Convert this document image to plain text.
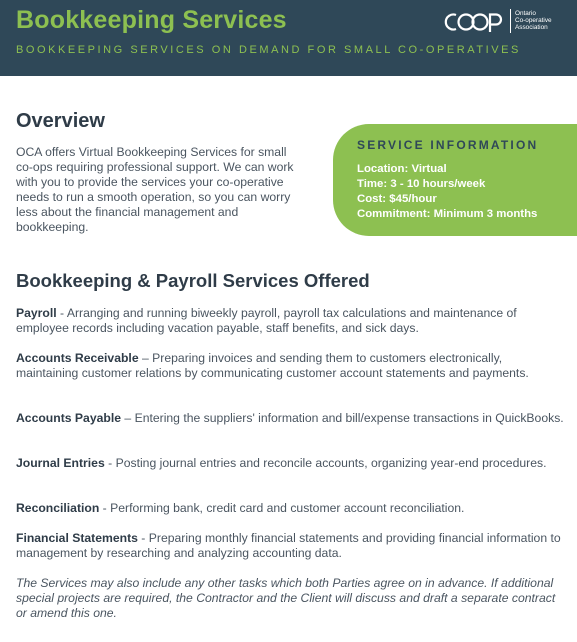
Bookkeeping Services
BOOKKEEPING SERVICES ON DEMAND FOR SMALL CO-OPERATIVES
Ontario
Co-operative
Association
Overview

OCA offers Virtual Bookkeeping Services for small co-ops requiring professional support. We can work with you to provide the services your co-operative needs to run a smooth operation, so you can worry less about the financial management and bookkeeping.

SERVICE INFORMATION
Location: Virtual
Time: 3 - 10 hours/week
Cost: $45/hour
Commitment: Minimum 3 months
Bookkeeping & Payroll Services Offered

Payroll - Arranging and running biweekly payroll, payroll tax calculations and maintenance of employee records including vacation payable, staff benefits, and sick days.

Accounts Receivable – Preparing invoices and sending them to customers electronically, maintaining customer relations by communicating customer account statements and payments.

Accounts Payable – Entering the suppliers' information and bill/expense transactions in QuickBooks.

Journal Entries - Posting journal entries and reconcile accounts, organizing year-end procedures.

Reconciliation - Performing bank, credit card and customer account reconciliation.

Financial Statements - Preparing monthly financial statements and providing financial information to management by researching and analyzing accounting data.

The Services may also include any other tasks which both Parties agree on in advance. If additional special projects are required, the Contractor and the Client will discuss and draft a separate contract or amend this one.
